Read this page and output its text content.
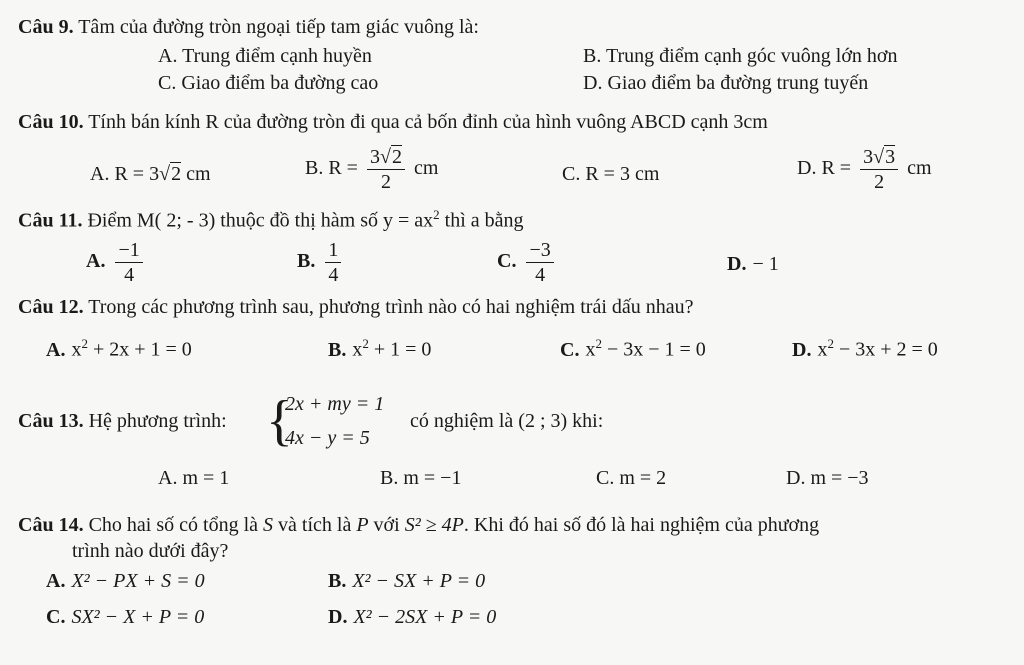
Câu 9. Tâm của đường tròn ngoại tiếp tam giác vuông là:
A. Trung điểm cạnh huyền	B. Trung điểm cạnh góc vuông lớn hơn
C. Giao điểm ba đường cao	D. Giao điểm ba đường trung tuyến
Câu 10. Tính bán kính R của đường tròn đi qua cả bốn đỉnh của hình vuông ABCD cạnh 3cm
A. R = 3√2 cm	B. $R = \frac{3√2}{2}$ cm	C. R = 3 cm	D. $R = \frac{3√3}{2}$ cm
Câu 11. Điểm M( 2; - 3) thuộc đồ thị hàm số $y = ax^2$ thì a bằng
A. $\frac{-1}{4}$	B. $\frac{1}{4}$	C. $\frac{-3}{4}$	D. − 1
Câu 12. Trong các phương trình sau, phương trình nào có hai nghiệm trái dấu nhau?
A. $x^2 + 2x + 1 = 0$	B. $x^2 + 1 = 0$	C. $x^2 - 3x - 1 = 0$	D. $x^2 - 3x + 2 = 0$
Câu 13. Hệ phương trình: {
2x + my = 1
4x − y = 5
có nghiệm là (2 ; 3) khi:
A. m = 1	B. m = −1	C. m = 2	D. m = −3
Câu 14. Cho hai số có tổng là S và tích là P với S² ≥ 4P. Khi đó hai số đó là hai nghiệm của phương
trình nào dưới đây?
A. X² − PX + S = 0	B. X² − SX + P = 0
C. SX² − X + P = 0	D. X² − 2SX + P = 0
